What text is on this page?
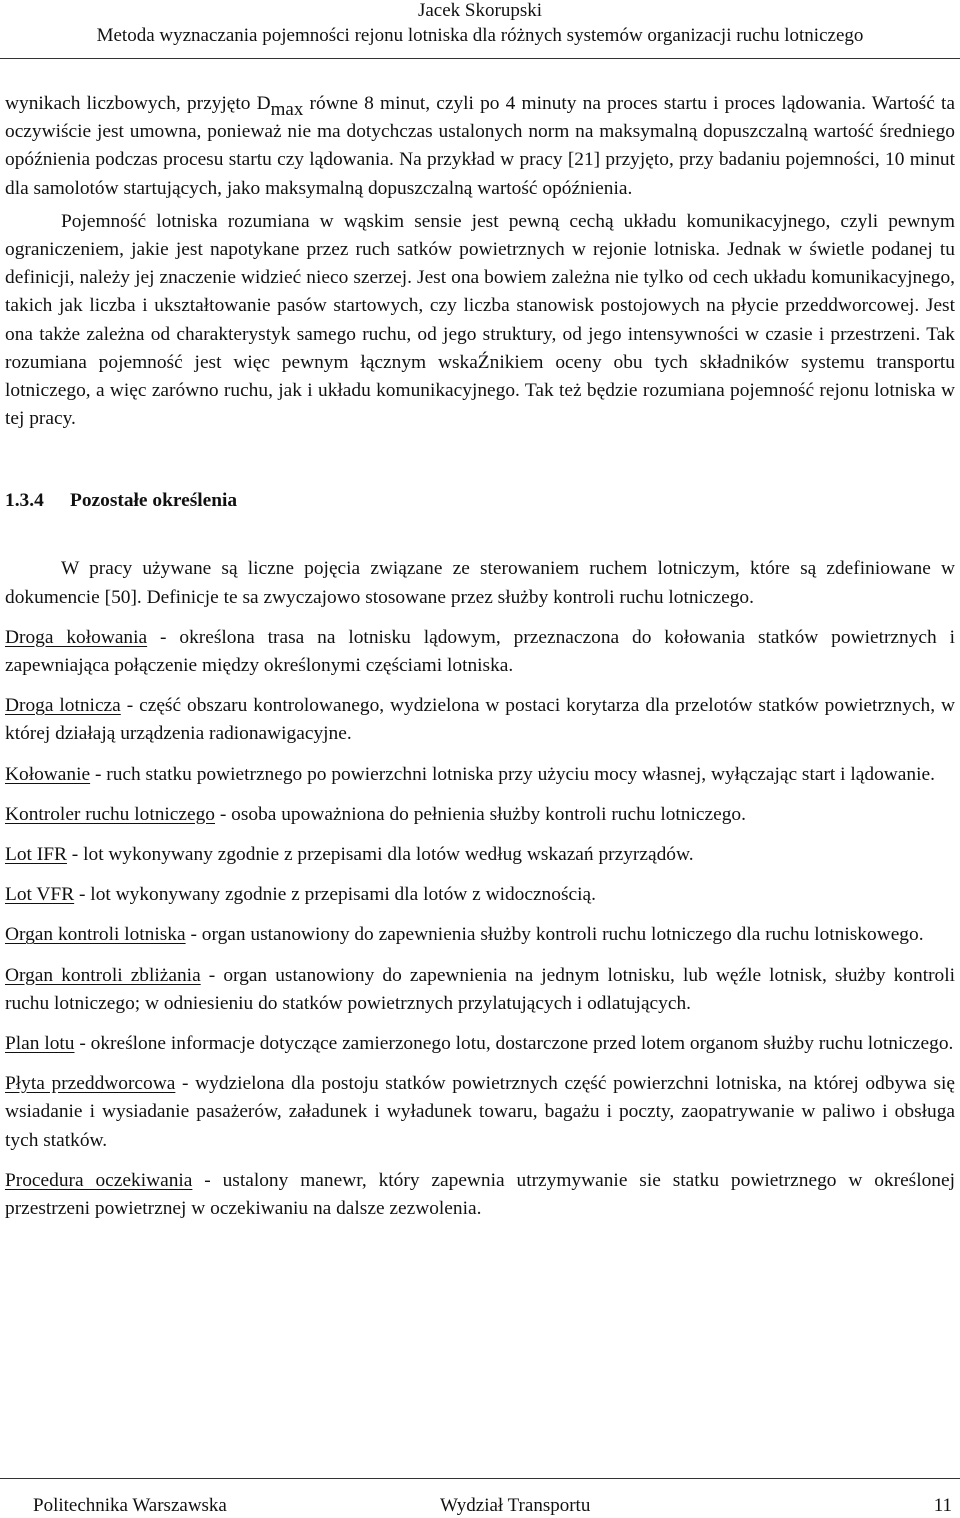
Jacek Skorupski
Metoda wyznaczania pojemności rejonu lotniska dla różnych systemów organizacji ruchu lotniczego

wynikach liczbowych, przyjęto $D_{max}$ równe 8 minut, czyli po 4 minuty na proces startu i proces lądowania. Wartość ta oczywiście jest umowna, ponieważ nie ma dotychczas ustalonych norm na maksymalną dopuszczalną wartość średniego opóźnienia podczas procesu startu czy lądowania. Na przykład w pracy [21] przyjęto, przy badaniu pojemności, 10 minut dla samolotów startujących, jako maksymalną dopuszczalną wartość opóźnienia.

Pojemność lotniska rozumiana w wąskim sensie jest pewną cechą układu komunikacyjnego, czyli pewnym ograniczeniem, jakie jest napotykane przez ruch satków powietrznych w rejonie lotniska. Jednak w świetle podanej tu definicji, należy jej znaczenie widzieć nieco szerzej. Jest ona bowiem zależna nie tylko od cech układu komunikacyjnego, takich jak liczba i ukształtowanie pasów startowych, czy liczba stanowisk postojowych na płycie przeddworcowej. Jest ona także zależna od charakterystyk samego ruchu, od jego struktury, od jego intensywności w czasie i przestrzeni. Tak rozumiana pojemność jest więc pewnym łącznym wskaŹnikiem oceny obu tych składników systemu transportu lotniczego, a więc zarówno ruchu, jak i układu komunikacyjnego. Tak też będzie rozumiana pojemność rejonu lotniska w tej pracy.

1.3.4 Pozostałe określenia

W pracy używane są liczne pojęcia związane ze sterowaniem ruchem lotniczym, które są zdefiniowane w dokumencie [50]. Definicje te sa zwyczajowo stosowane przez służby kontroli ruchu lotniczego.

Droga kołowania - określona trasa na lotnisku lądowym, przeznaczona do kołowania statków powietrznych i zapewniająca połączenie między określonymi częściami lotniska.

Droga lotnicza - część obszaru kontrolowanego, wydzielona w postaci korytarza dla przelotów statków powietrznych, w której działają urządzenia radionawigacyjne.

Kołowanie - ruch statku powietrznego po powierzchni lotniska przy użyciu mocy własnej, wyłączając start i lądowanie.

Kontroler ruchu lotniczego - osoba upoważniona do pełnienia służby kontroli ruchu lotniczego.

Lot IFR - lot wykonywany zgodnie z przepisami dla lotów według wskazań przyrządów.

Lot VFR - lot wykonywany zgodnie z przepisami dla lotów z widocznością.

Organ kontroli lotniska - organ ustanowiony do zapewnienia służby kontroli ruchu lotniczego dla ruchu lotniskowego.

Organ kontroli zbliżania - organ ustanowiony do zapewnienia na jednym lotnisku, lub węźle lotnisk, służby kontroli ruchu lotniczego; w odniesieniu do statków powietrznych przylatujących i odlatujących.

Plan lotu - określone informacje dotyczące zamierzonego lotu, dostarczone przed lotem organom służby ruchu lotniczego.

Płyta przeddworcowa - wydzielona dla postoju statków powietrznych część powierzchni lotniska, na której odbywa się wsiadanie i wysiadanie pasażerów, załadunek i wyładunek towaru, bagażu i poczty, zaopatrywanie w paliwo i obsługa tych statków.

Procedura oczekiwania - ustalony manewr, który zapewnia utrzymywanie sie statku powietrznego w określonej przestrzeni powietrznej w oczekiwaniu na dalsze zezwolenia.

Politechnika Warszawska	Wydział Transportu	11
